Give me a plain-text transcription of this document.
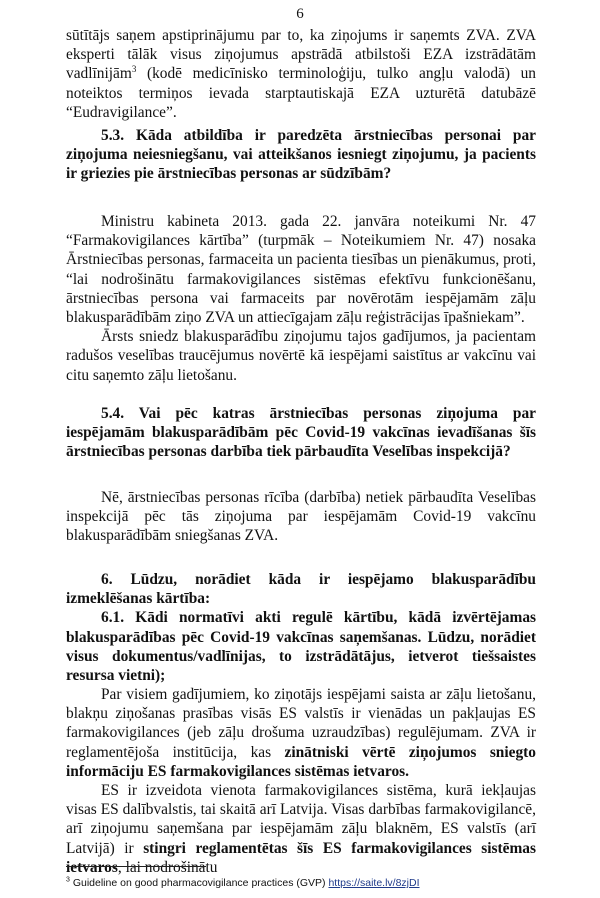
6

sūtītājs saņem apstiprinājumu par to, ka ziņojums ir saņemts ZVA. ZVA eksperti tālāk visus ziņojumus apstrādā atbilstoši EZA izstrādātām vadlīnijām$^3$ (kodē medicīnisko terminoloģiju, tulko angļu valodā) un noteiktos termiņos ievada starptautiskajā EZA uzturētā datubāzē “Eudravigilance”.

5.3. Kāda atbildība ir paredzēta ārstniecības personai par ziņojuma neiesniegšanu, vai atteikšanos iesniegt ziņojumu, ja pacients ir griezies pie ārstniecības personas ar sūdzībām?

Ministru kabineta 2013. gada 22. janvāra noteikumi Nr. 47 “Farmakovigilances kārtība” (turpmāk – Noteikumiem Nr. 47) nosaka Ārstniecības personas, farmaceita un pacienta tiesības un pienākumus, proti, “lai nodrošinātu farmakovigilances sistēmas efektīvu funkcionēšanu, ārstniecības persona vai farmaceits par novērotām iespējamām zāļu blakusparādībām ziņo ZVA un attiecīgajam zāļu reģistrācijas īpašniekam”.

Ārsts sniedz blakusparādību ziņojumu tajos gadījumos, ja pacientam radušos veselības traucējumus novērtē kā iespējami saistītus ar vakcīnu vai citu saņemto zāļu lietošanu.

5.4. Vai pēc katras ārstniecības personas ziņojuma par iespējamām blakusparādībām pēc Covid-19 vakcīnas ievadīšanas šīs ārstniecības personas darbība tiek pārbaudīta Veselības inspekcijā?

Nē, ārstniecības personas rīcība (darbība) netiek pārbaudīta Veselības inspekcijā pēc tās ziņojuma par iespējamām Covid-19 vakcīnu blakusparādībām sniegšanas ZVA.

6. Lūdzu, norādiet kāda ir iespējamo blakusparādību izmeklēšanas kārtība:

6.1. Kādi normatīvi akti regulē kārtību, kādā izvērtējamas blakusparādības pēc Covid-19 vakcīnas saņemšanas. Lūdzu, norādiet visus dokumentus/vadlīnijas, to izstrādātājus, ietverot tiešsaistes resursa vietni);

Par visiem gadījumiem, ko ziņotājs iespējami saista ar zāļu lietošanu, blakņu ziņošanas prasības visās ES valstīs ir vienādas un pakļaujas ES farmakovigilances (jeb zāļu drošuma uzraudzības) regulējumam. ZVA ir reglamentējoša institūcija, kas zinātniski vērtē ziņojumos sniegto informāciju ES farmakovigilances sistēmas ietvaros.

ES ir izveidota vienota farmakovigilances sistēma, kurā iekļaujas visas ES dalībvalstis, tai skaitā arī Latvija. Visas darbības farmakovigilancē, arī ziņojumu saņemšana par iespējamām zāļu blaknēm, ES valstīs (arī Latvijā) ir stingri reglamentētas šīs ES farmakovigilances sistēmas ietvaros, lai nodrošinātu

$^3$ Guideline on good pharmacovigilance practices (GVP) https://saite.lv/8zjDI
